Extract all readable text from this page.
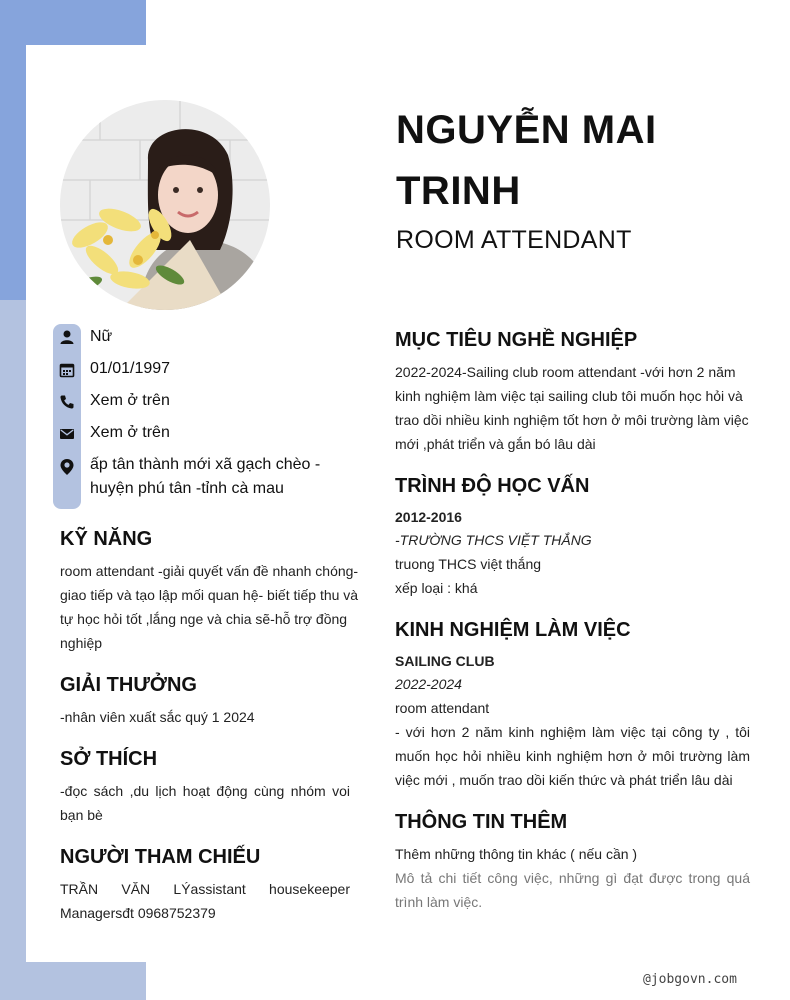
NGUYỄN MAI TRINH
ROOM ATTENDANT
Nữ
01/01/1997
Xem ở trên
Xem ở trên
ấp tân thành mới xã gạch chèo - huyện phú tân -tỉnh cà mau
KỸ NĂNG
room attendant -giải quyết vấn đề nhanh chóng-giao tiếp và tạo lập mối quan hệ- biết tiếp thu và tự học hỏi tốt ,lắng nge và chia sẽ-hỗ trợ đồng nghiệp
GIẢI THƯỞNG
-nhân viên xuất sắc quý 1 2024
SỞ THÍCH
-đọc sách ,du lịch hoạt động cùng nhóm voi bạn bè
NGƯỜI THAM CHIẾU
TRẦN VĂN LÝassistant housekeeper Managersđt 0968752379
MỤC TIÊU NGHỀ NGHIỆP
2022-2024-Sailing club room attendant -với hơn 2 năm kinh nghiệm làm việc tại sailing club tôi muốn học hỏi và trao dồi nhiều kinh nghiệm tốt hơn ở môi trường làm việc mới ,phát triển và gắn bó lâu dài
TRÌNH ĐỘ HỌC VẤN
2012-2016
-TRƯỜNG THCS VIỆT THẮNG
truong THCS việt thắng
xếp loại : khá
KINH NGHIỆM LÀM VIỆC
SAILING CLUB
2022-2024
room attendant
- với hơn 2 năm kinh nghiệm làm việc tại công ty , tôi muốn học hỏi nhiều kinh nghiệm hơn ở môi trường làm việc mới , muốn trao dồi kiến thức và phát triển lâu dài
THÔNG TIN THÊM
Thêm những thông tin khác ( nếu cần )
Mô tả chi tiết công việc, những gì đạt được trong quá trình làm việc.
@jobgovn.com
